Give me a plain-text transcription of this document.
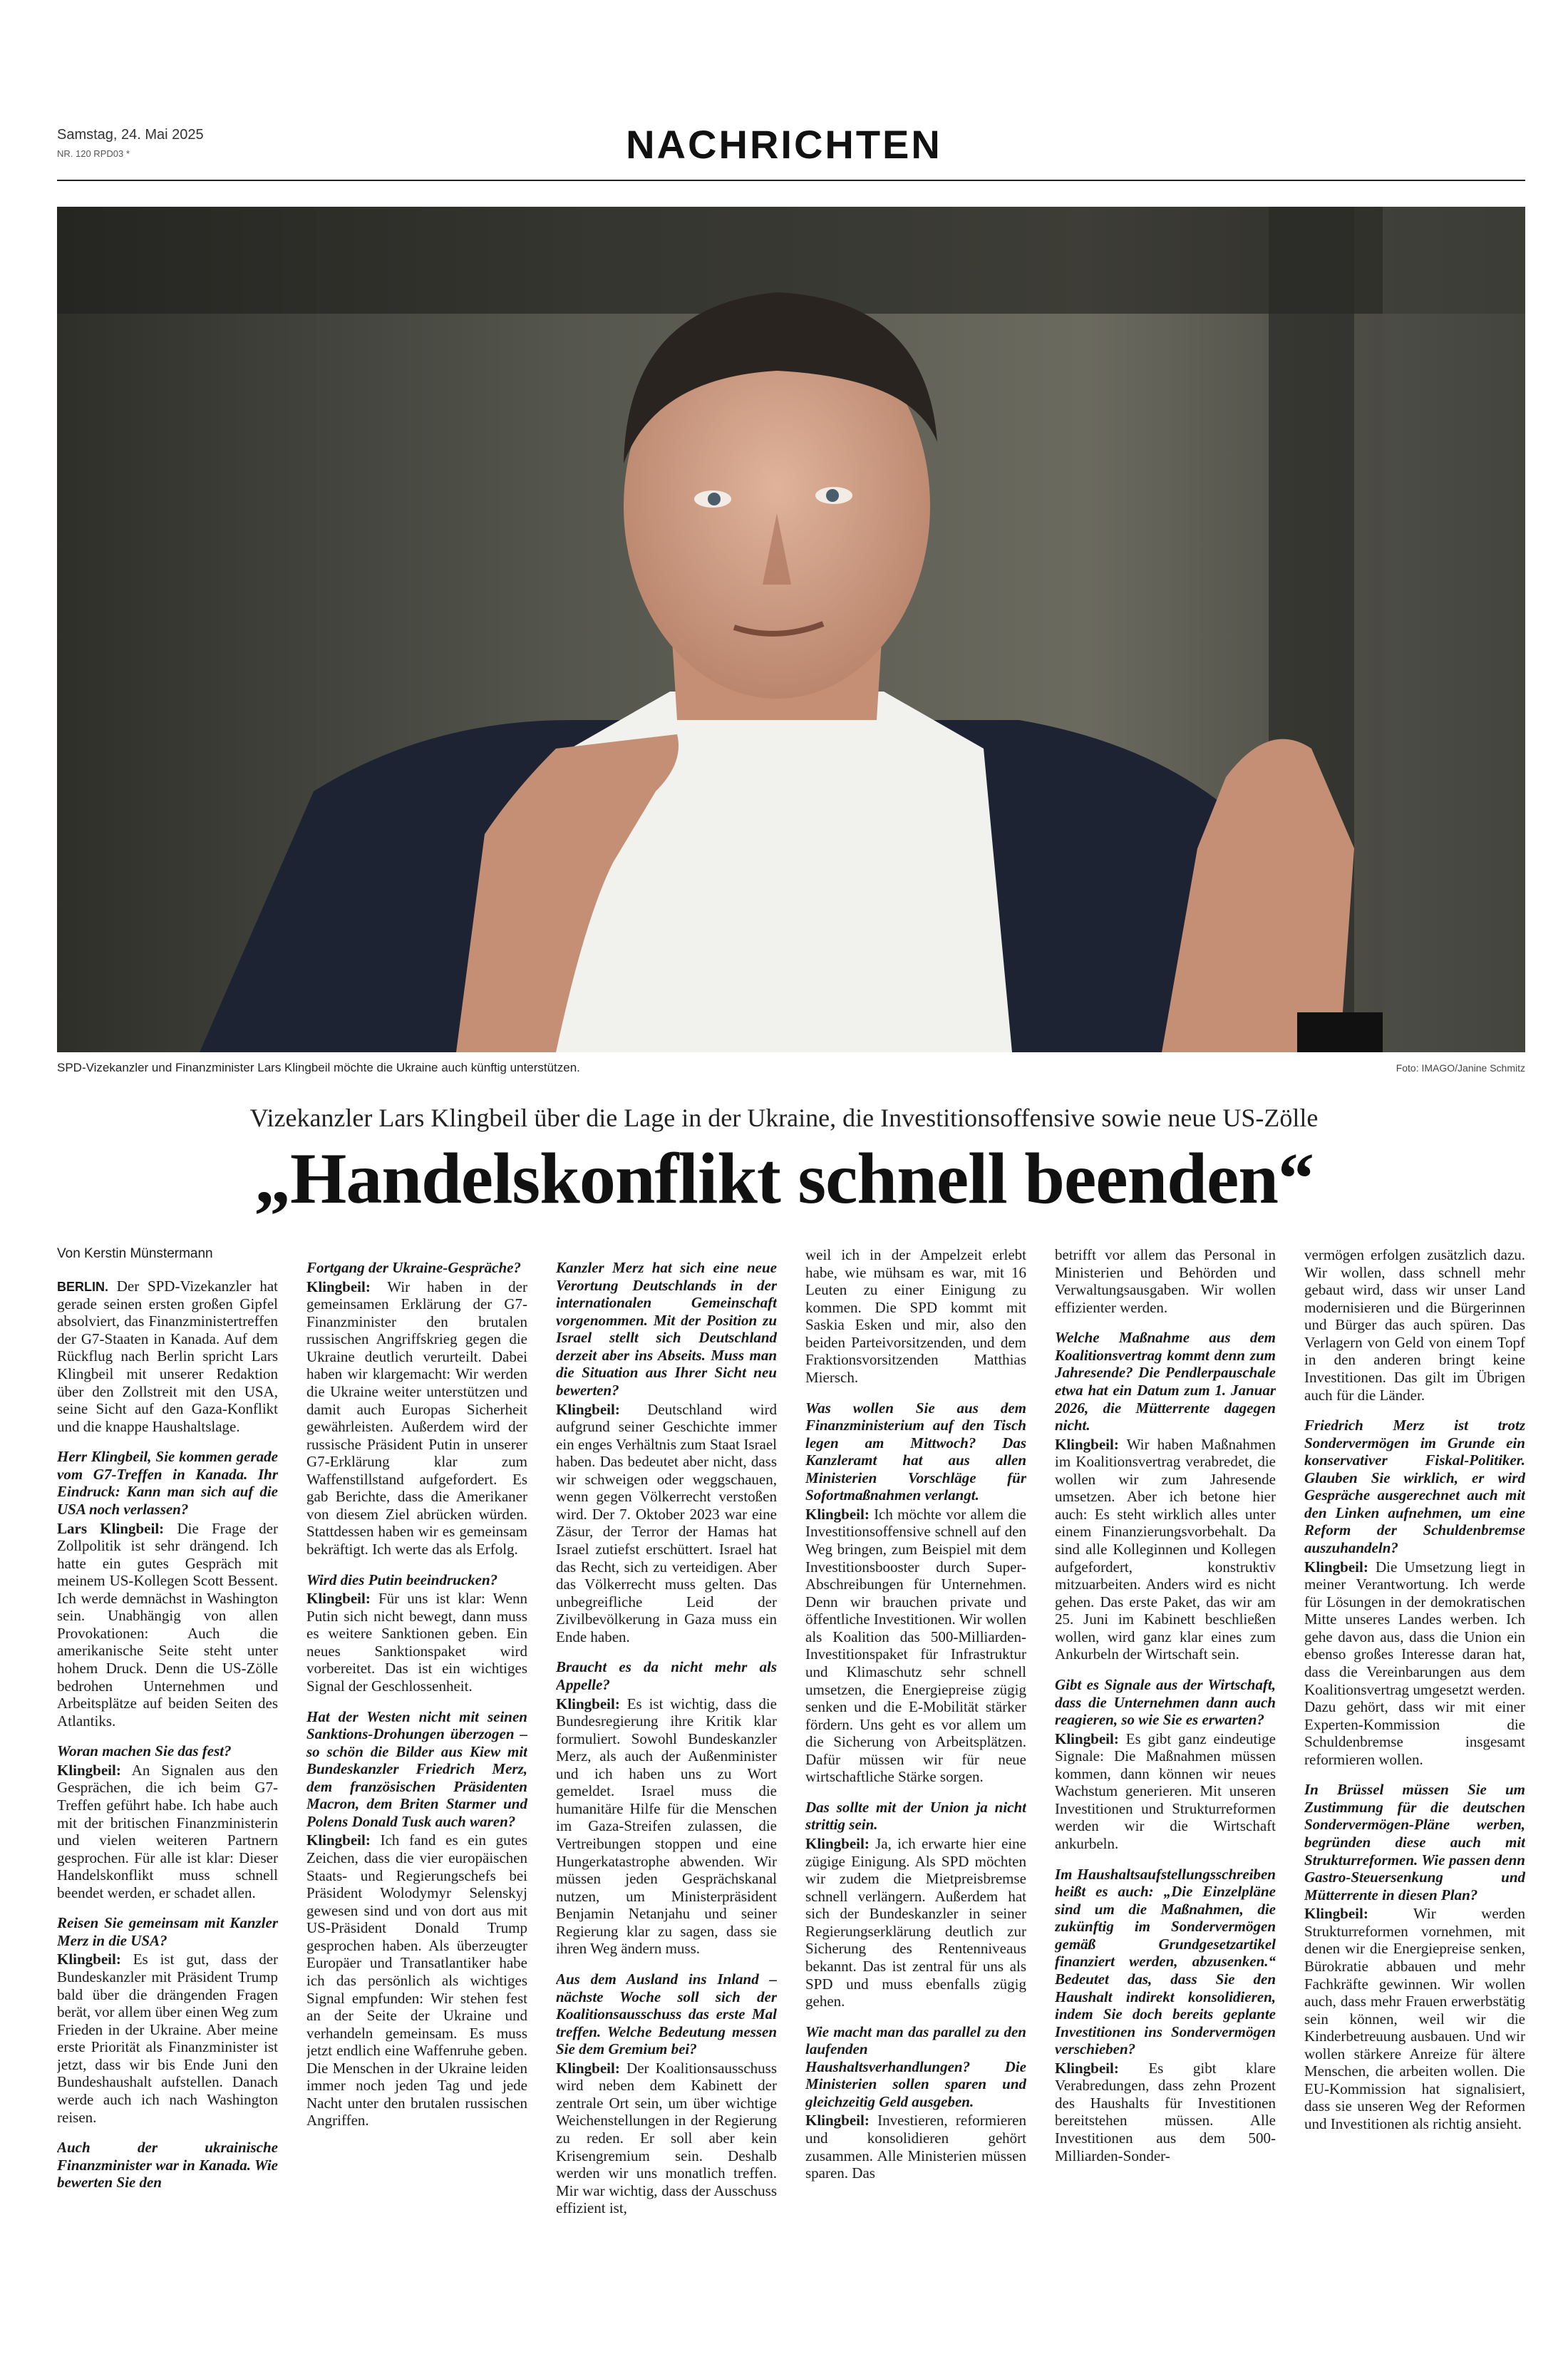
Samstag, 24. Mai 2025
NR. 120 RPD03 *	NACHRICHTEN
SPD-Vizekanzler und Finanzminister Lars Klingbeil möchte die Ukraine auch künftig unterstützen.	Foto: IMAGO/Janine Schmitz
Vizekanzler Lars Klingbeil über die Lage in der Ukraine, die Investitionsoffensive sowie neue US-Zölle
„Handelskonflikt schnell beenden“

Von Kerstin Münstermann

BERLIN. Der SPD-Vizekanzler hat gerade seinen ersten großen Gipfel absolviert, das Finanzministertreffen der G7-Staaten in Kanada. Auf dem Rückflug nach Berlin spricht Lars Klingbeil mit unserer Redaktion über den Zollstreit mit den USA, seine Sicht auf den Gaza-Konflikt und die knappe Haushaltslage.

Herr Klingbeil, Sie kommen gerade vom G7-Treffen in Kanada. Ihr Eindruck: Kann man sich auf die USA noch verlassen?

Lars Klingbeil: Die Frage der Zollpolitik ist sehr drängend. Ich hatte ein gutes Gespräch mit meinem US-Kollegen Scott Bessent. Ich werde demnächst in Washington sein. Unabhängig von allen Provokationen: Auch die amerikanische Seite steht unter hohem Druck. Denn die US-Zölle bedrohen Unternehmen und Arbeitsplätze auf beiden Seiten des Atlantiks.

Woran machen Sie das fest?

Klingbeil: An Signalen aus den Gesprächen, die ich beim G7-Treffen geführt habe. Ich habe auch mit der britischen Finanzministerin und vielen weiteren Partnern gesprochen. Für alle ist klar: Dieser Handelskonflikt muss schnell beendet werden, er schadet allen.

Reisen Sie gemeinsam mit Kanzler Merz in die USA?

Klingbeil: Es ist gut, dass der Bundeskanzler mit Präsident Trump bald über die drängenden Fragen berät, vor allem über einen Weg zum Frieden in der Ukraine. Aber meine erste Priorität als Finanzminister ist jetzt, dass wir bis Ende Juni den Bundeshaushalt aufstellen. Danach werde auch ich nach Washington reisen.

Auch der ukrainische Finanzminister war in Kanada. Wie bewerten Sie den

Fortgang der Ukraine-Gespräche?

Klingbeil: Wir haben in der gemeinsamen Erklärung der G7-Finanzminister den brutalen russischen Angriffskrieg gegen die Ukraine deutlich verurteilt. Dabei haben wir klargemacht: Wir werden die Ukraine weiter unterstützen und damit auch Europas Sicherheit gewährleisten. Außerdem wird der russische Präsident Putin in unserer G7-Erklärung klar zum Waffenstillstand aufgefordert. Es gab Berichte, dass die Amerikaner von diesem Ziel abrücken würden. Stattdessen haben wir es gemeinsam bekräftigt. Ich werte das als Erfolg.

Wird dies Putin beeindrucken?

Klingbeil: Für uns ist klar: Wenn Putin sich nicht bewegt, dann muss es weitere Sanktionen geben. Ein neues Sanktionspaket wird vorbereitet. Das ist ein wichtiges Signal der Geschlossenheit.

Hat der Westen nicht mit seinen Sanktions-Drohungen überzogen – so schön die Bilder aus Kiew mit Bundeskanzler Friedrich Merz, dem französischen Präsidenten Macron, dem Briten Starmer und Polens Donald Tusk auch waren?

Klingbeil: Ich fand es ein gutes Zeichen, dass die vier europäischen Staats- und Regierungschefs bei Präsident Wolodymyr Selenskyj gewesen sind und von dort aus mit US-Präsident Donald Trump gesprochen haben. Als überzeugter Europäer und Transatlantiker habe ich das persönlich als wichtiges Signal empfunden: Wir stehen fest an der Seite der Ukraine und verhandeln gemeinsam. Es muss jetzt endlich eine Waffenruhe geben. Die Menschen in der Ukraine leiden immer noch jeden Tag und jede Nacht unter den brutalen russischen Angriffen.

Kanzler Merz hat sich eine neue Verortung Deutschlands in der internationalen Gemeinschaft vorgenommen. Mit der Position zu Israel stellt sich Deutschland derzeit aber ins Abseits. Muss man die Situation aus Ihrer Sicht neu bewerten?

Klingbeil: Deutschland wird aufgrund seiner Geschichte immer ein enges Verhältnis zum Staat Israel haben. Das bedeutet aber nicht, dass wir schweigen oder weggschauen, wenn gegen Völkerrecht verstoßen wird. Der 7. Oktober 2023 war eine Zäsur, der Terror der Hamas hat Israel zutiefst erschüttert. Israel hat das Recht, sich zu verteidigen. Aber das Völkerrecht muss gelten. Das unbegreifliche Leid der Zivilbevölkerung in Gaza muss ein Ende haben.

Braucht es da nicht mehr als Appelle?

Klingbeil: Es ist wichtig, dass die Bundesregierung ihre Kritik klar formuliert. Sowohl Bundeskanzler Merz, als auch der Außenminister und ich haben uns zu Wort gemeldet. Israel muss die humanitäre Hilfe für die Menschen im Gaza-Streifen zulassen, die Vertreibungen stoppen und eine Hungerkatastrophe abwenden. Wir müssen jeden Gesprächskanal nutzen, um Ministerpräsident Benjamin Netanjahu und seiner Regierung klar zu sagen, dass sie ihren Weg ändern muss.

Aus dem Ausland ins Inland – nächste Woche soll sich der Koalitionsausschuss das erste Mal treffen. Welche Bedeutung messen Sie dem Gremium bei?

Klingbeil: Der Koalitionsausschuss wird neben dem Kabinett der zentrale Ort sein, um über wichtige Weichenstellungen in der Regierung zu reden. Er soll aber kein Krisengremium sein. Deshalb werden wir uns monatlich treffen. Mir war wichtig, dass der Ausschuss effizient ist,

weil ich in der Ampelzeit erlebt habe, wie mühsam es war, mit 16 Leuten zu einer Einigung zu kommen. Die SPD kommt mit Saskia Esken und mir, also den beiden Parteivorsitzenden, und dem Fraktionsvorsitzenden Matthias Miersch.

Was wollen Sie aus dem Finanzministerium auf den Tisch legen am Mittwoch? Das Kanzleramt hat aus allen Ministerien Vorschläge für Sofortmaßnahmen verlangt.

Klingbeil: Ich möchte vor allem die Investitionsoffensive schnell auf den Weg bringen, zum Beispiel mit dem Investitionsbooster durch Super-Abschreibungen für Unternehmen. Denn wir brauchen private und öffentliche Investitionen. Wir wollen als Koalition das 500-Milliarden-Investitionspaket für Infrastruktur und Klimaschutz sehr schnell umsetzen, die Energiepreise zügig senken und die E-Mobilität stärker fördern. Uns geht es vor allem um die Sicherung von Arbeitsplätzen. Dafür müssen wir für neue wirtschaftliche Stärke sorgen.

Das sollte mit der Union ja nicht strittig sein.

Klingbeil: Ja, ich erwarte hier eine zügige Einigung. Als SPD möchten wir zudem die Mietpreisbremse schnell verlängern. Außerdem hat sich der Bundeskanzler in seiner Regierungserklärung deutlich zur Sicherung des Rentenniveaus bekannt. Das ist zentral für uns als SPD und muss ebenfalls zügig gehen.

Wie macht man das parallel zu den laufenden Haushaltsverhandlungen? Die Ministerien sollen sparen und gleichzeitig Geld ausgeben.

Klingbeil: Investieren, reformieren und konsolidieren gehört zusammen. Alle Ministerien müssen sparen. Das

betrifft vor allem das Personal in Ministerien und Behörden und Verwaltungsausgaben. Wir wollen effizienter werden.

Welche Maßnahme aus dem Koalitionsvertrag kommt denn zum Jahresende? Die Pendlerpauschale etwa hat ein Datum zum 1. Januar 2026, die Mütterrente dagegen nicht.

Klingbeil: Wir haben Maßnahmen im Koalitionsvertrag verabredet, die wollen wir zum Jahresende umsetzen. Aber ich betone hier auch: Es steht wirklich alles unter einem Finanzierungsvorbehalt. Da sind alle Kolleginnen und Kollegen aufgefordert, konstruktiv mitzuarbeiten. Anders wird es nicht gehen. Das erste Paket, das wir am 25. Juni im Kabinett beschließen wollen, wird ganz klar eines zum Ankurbeln der Wirtschaft sein.

Gibt es Signale aus der Wirtschaft, dass die Unternehmen dann auch reagieren, so wie Sie es erwarten?

Klingbeil: Es gibt ganz eindeutige Signale: Die Maßnahmen müssen kommen, dann können wir neues Wachstum generieren. Mit unseren Investitionen und Strukturreformen werden wir die Wirtschaft ankurbeln.

Im Haushaltsaufstellungsschreiben heißt es auch: „Die Einzelpläne sind um die Maßnahmen, die zukünftig im Sondervermögen gemäß Grundgesetzartikel finanziert werden, abzusenken.“ Bedeutet das, dass Sie den Haushalt indirekt konsolidieren, indem Sie doch bereits geplante Investitionen ins Sondervermögen verschieben?

Klingbeil: Es gibt klare Verabredungen, dass zehn Prozent des Haushalts für Investitionen bereitstehen müssen. Alle Investitionen aus dem 500-Milliarden-Sonder-

vermögen erfolgen zusätzlich dazu. Wir wollen, dass schnell mehr gebaut wird, dass wir unser Land modernisieren und die Bürgerinnen und Bürger das auch spüren. Das Verlagern von Geld von einem Topf in den anderen bringt keine Investitionen. Das gilt im Übrigen auch für die Länder.

Friedrich Merz ist trotz Sondervermögen im Grunde ein konservativer Fiskal-Politiker. Glauben Sie wirklich, er wird Gespräche ausgerechnet auch mit den Linken aufnehmen, um eine Reform der Schuldenbremse auszuhandeln?

Klingbeil: Die Umsetzung liegt in meiner Verantwortung. Ich werde für Lösungen in der demokratischen Mitte unseres Landes werben. Ich gehe davon aus, dass die Union ein ebenso großes Interesse daran hat, dass die Vereinbarungen aus dem Koalitionsvertrag umgesetzt werden. Dazu gehört, dass wir mit einer Experten-Kommission die Schuldenbremse insgesamt reformieren wollen.

In Brüssel müssen Sie um Zustimmung für die deutschen Sondervermögen-Pläne werben, begründen diese auch mit Strukturreformen. Wie passen denn Gastro-Steuersenkung und Mütterrente in diesen Plan?

Klingbeil:	Wir werden Strukturreformen vornehmen, mit denen wir die Energiepreise senken, Bürokratie abbauen und mehr Fachkräfte gewinnen. Wir wollen auch, dass mehr Frauen erwerbstätig sein können, weil wir die Kinderbetreuung ausbauen. Und wir wollen stärkere Anreize für ältere Menschen, die arbeiten wollen. Die EU-Kommission hat signalisiert, dass sie unseren Weg der Reformen und Investitionen als richtig ansieht.
